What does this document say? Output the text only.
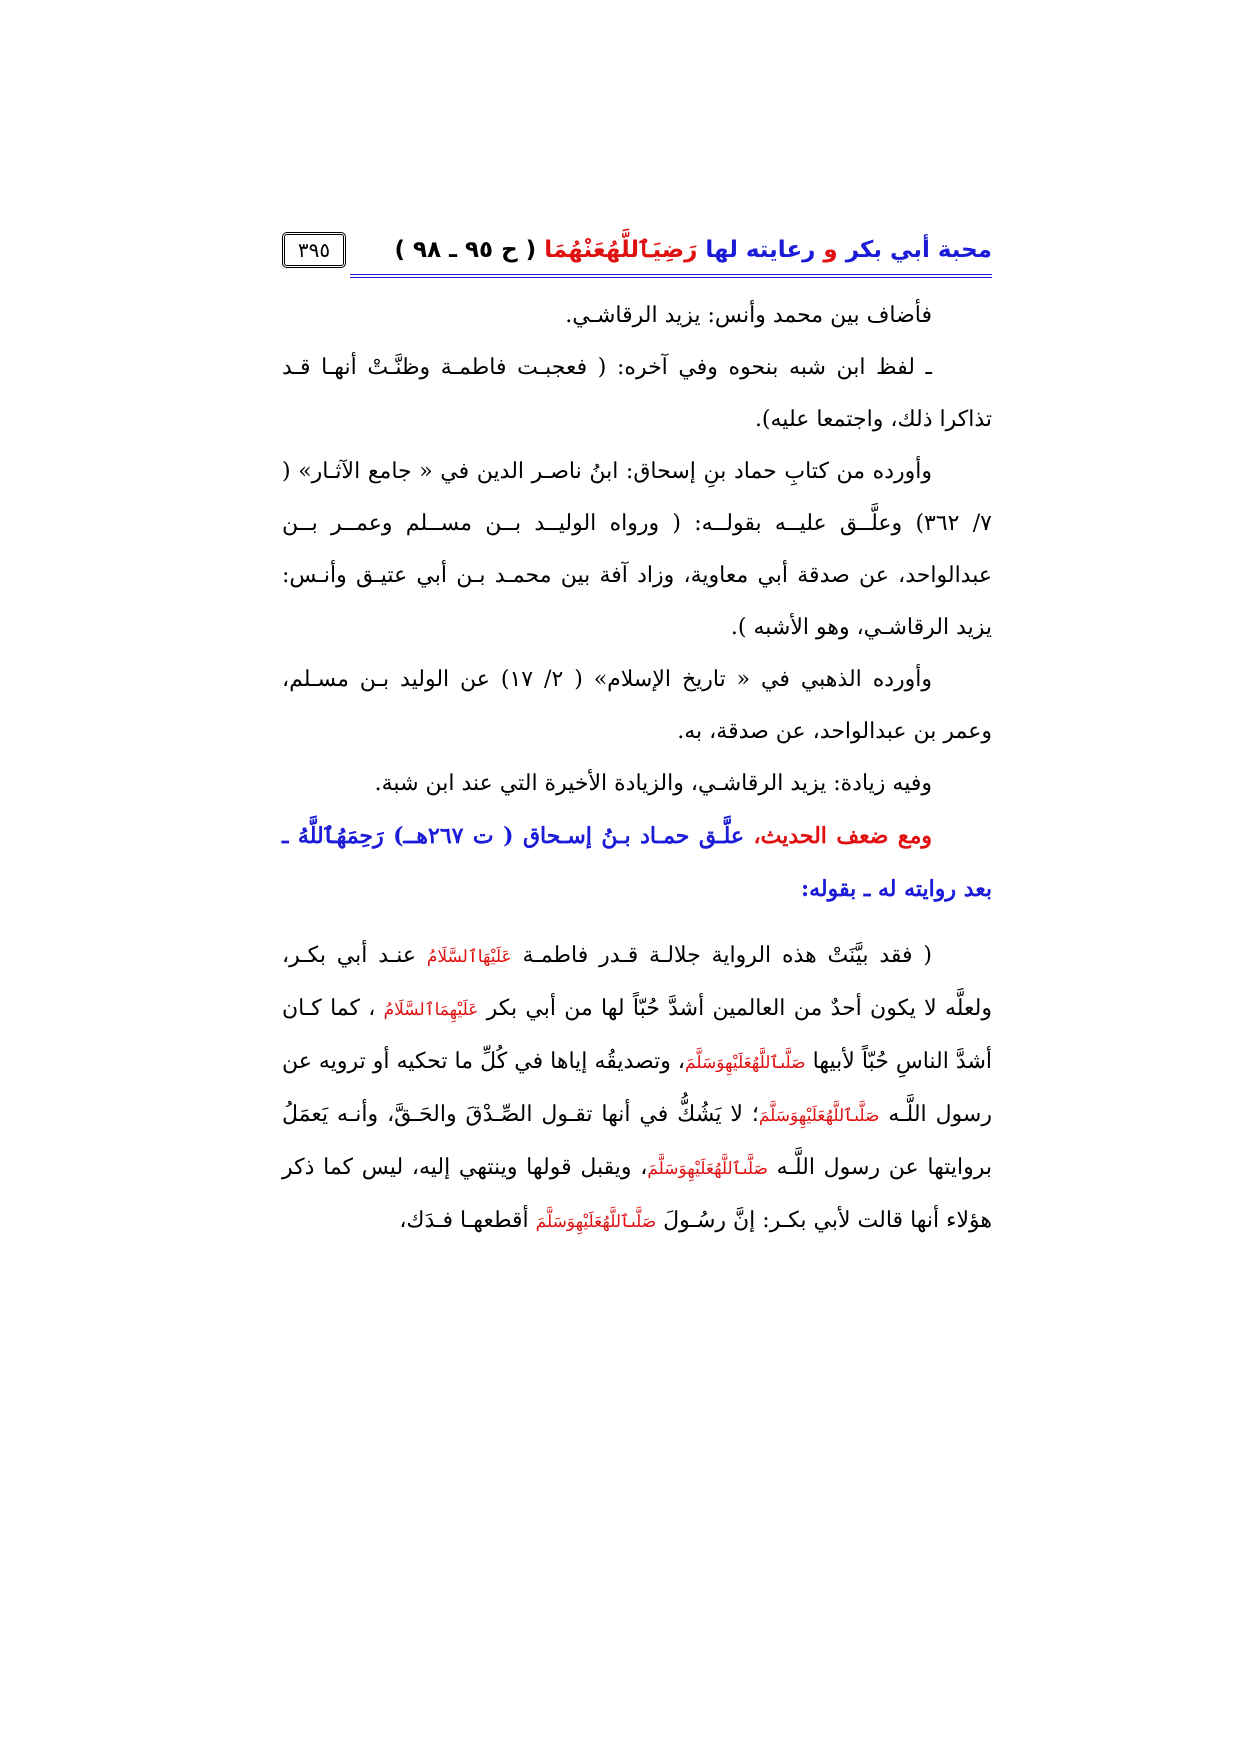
محبة أبي بكر و رعايته لها رَضِيَٱللَّهُعَنْهُمَا ( ح ٩٥ ـ ٩٨ )
٣٩٥

فأضاف بين محمد وأنس: يزيد الرقاشـي.

ـ لفظ ابن شبه بنحوه وفي آخره: ( فعجبـت فاطمـة وظنَّـتْ أنهـا قـد تذاكرا ذلك، واجتمعا عليه).

وأورده من كتابِ حماد بنِ إسحاق: ابنُ ناصـر الدين في « جامع الآثـار» ( ٧/ ٣٦٢) وعلَّــق عليــه بقولــه: ( ورواه الوليــد بــن مســلم وعمــر بــن عبدالواحد، عن صدقة أبي معاوية، وزاد آفة بين محمـد بـن أبي عتيـق وأنـس: يزيد الرقاشـي، وهو الأشبه ).

وأورده الذهبي في « تاريخ الإسلام» ( ٢/ ١٧) عن الوليد بـن مسـلم، وعمر بن عبدالواحد، عن صدقة، به.

وفيه زيادة: يزيد الرقاشـي، والزيادة الأخيرة التي عند ابن شبة.

ومع ضعف الحديث، علَّـق حمـاد بـنُ إسـحاق ( ت ٢٦٧هــ) رَحِمَهُٱللَّهُ ـ بعد روايته له ـ بقوله:

( فقد بيَّنَتْ هذه الرواية جلالـة قـدر فاطمـة عَلَيْهَاٱلسَّلَامُ عنـد أبي بكـر، ولعلَّه لا يكون أحدٌ من العالمين أشدَّ حُبّاً لها من أبي بكر عَلَيْهِمَاٱلسَّلَامُ ، كما كـان أشدَّ الناسِ حُبّاً لأبيها صَلَّىٱللَّهُعَلَيْهِوَسَلَّمَ، وتصديقُه إياها في كُلِّ ما تحكيه أو ترويه عن رسول اللَّـه صَلَّىٱللَّهُعَلَيْهِوَسَلَّمَ؛ لا يَشُكُّ في أنها تقـول الصِّـدْقَ والحَـقَّ، وأنـه يَعمَلُ بروايتها عن رسول اللَّـه صَلَّىٱللَّهُعَلَيْهِوَسَلَّمَ، ويقبل قولها وينتهي إليه، ليس كما ذكر هؤلاء أنها قالت لأبي بكـر: إنَّ رسُـولَ صَلَّىٱللَّهُعَلَيْهِوَسَلَّمَ أقطعهـا فـدَك،
